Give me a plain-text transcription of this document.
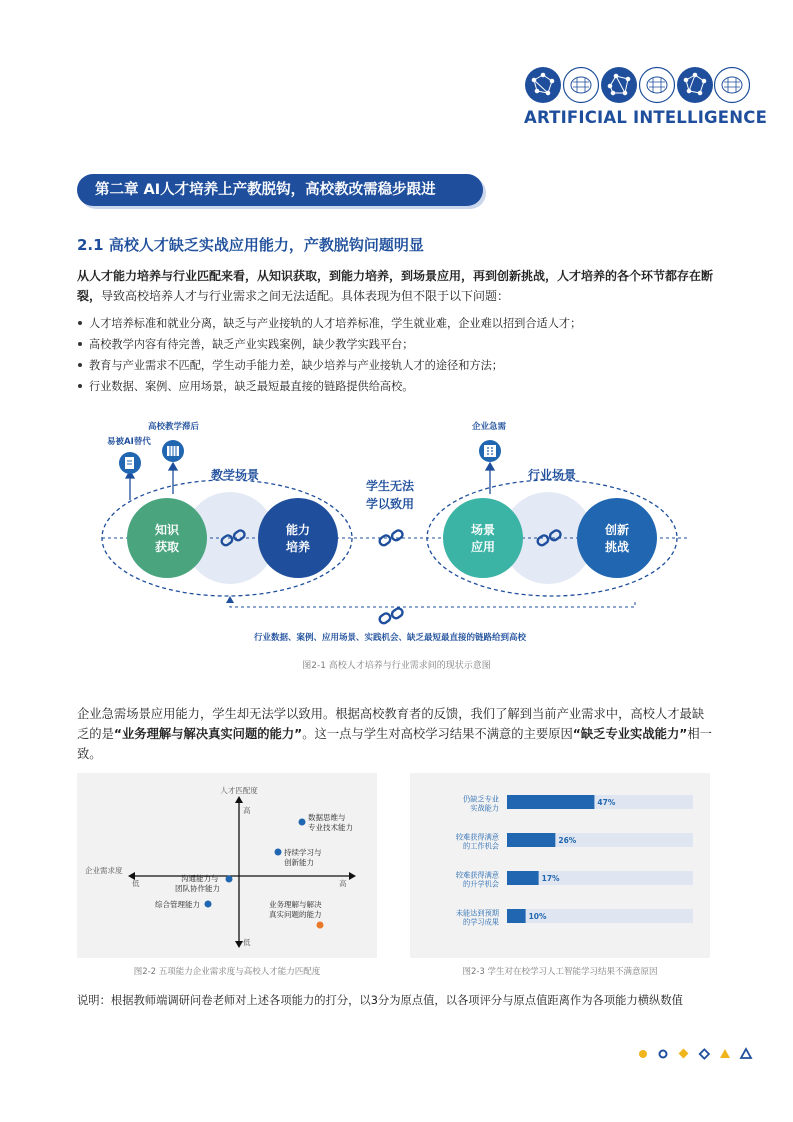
ARTIFICIAL INTELLIGENCE
第二章 AI人才培养上产教脱钩，高校教改需稳步跟进
2.1 高校人才缺乏实战应用能力，产教脱钩问题明显
从人才能力培养与行业匹配来看，从知识获取，到能力培养，到场景应用，再到创新挑战，人才培养的各个环节都存在断裂，导致高校培养人才与行业需求之间无法适配。具体表现为但不限于以下问题：
人才培养标准和就业分离，缺乏与产业接轨的人才培养标准，学生就业难，企业难以招到合适人才；
高校教学内容有待完善，缺乏产业实践案例，缺少教学实践平台；
教育与产业需求不匹配，学生动手能力差，缺少培养与产业接轨人才的途径和方法；
行业数据、案例、应用场景，缺乏最短最直接的链路提供给高校。
知识
获取
能力
培养
场景
应用
创新
挑战
教学场景	行业场景
学生无法
学以致用
易被AI替代
高校教学滞后	企业急需
行业数据、案例、应用场景、实践机会、缺乏最短最直接的链路给到高校
图2-1 高校人才培养与行业需求间的现状示意图
企业急需场景应用能力，学生却无法学以致用。根据高校教育者的反馈，我们了解到当前产业需求中，高校人才最缺乏的是“业务理解与解决真实问题的能力”。这一点与学生对高校学习结果不满意的主要原因“缺乏专业实战能力”相一致。
人才匹配度
企业需求度
高
低
低	高
数据思维与
专业技术能力
持续学习与
创新能力
沟通能力与
团队协作能力
综合管理能力	业务理解与解决
真实问题的能力
图2-2 五项能力企业需求度与高校人才能力匹配度
仍缺乏专业
实战能力
47%
较难获得满意
的工作机会
26%
较难获得满意
的升学机会
17%
未能达到预期
的学习成果
10%
图2-3 学生对在校学习人工智能学习结果不满意原因
说明：根据教师端调研问卷老师对上述各项能力的打分，以3分为原点值，以各项评分与原点值距离作为各项能力横纵数值
